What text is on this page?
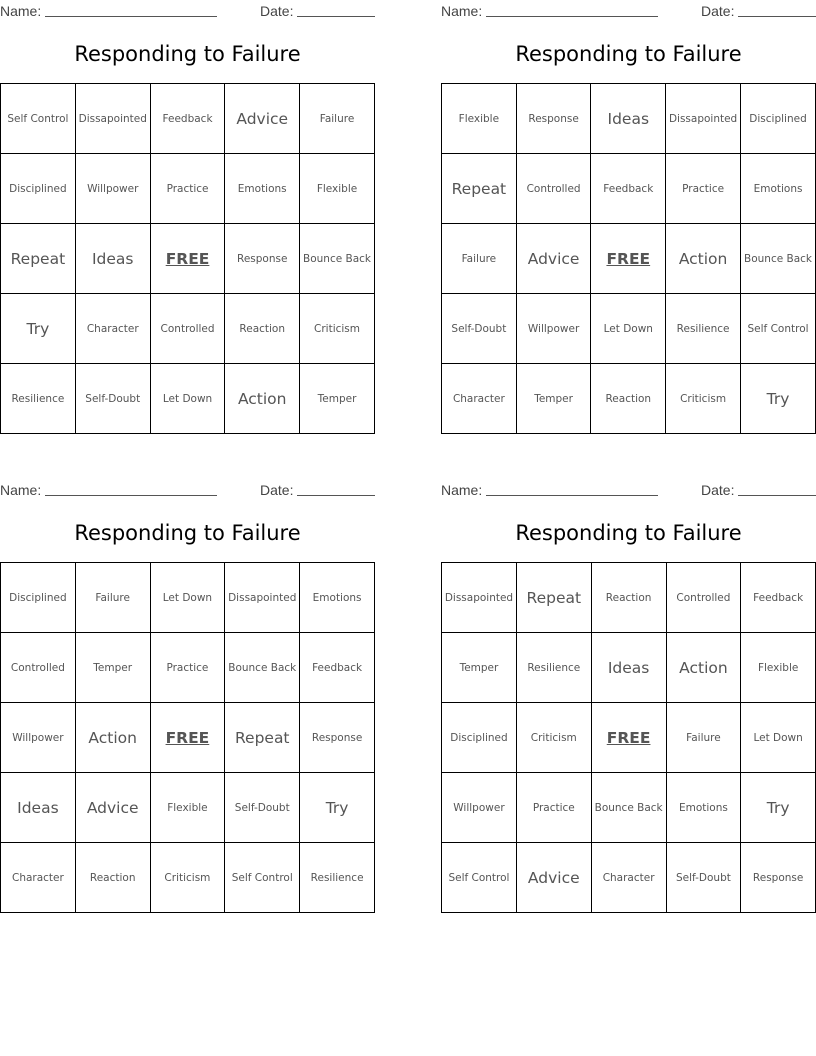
Name:	Date:
Responding to Failure
Self Control	Dissapointed	Feedback	Advice	Failure
Disciplined	Willpower	Practice	Emotions	Flexible
Repeat	Ideas	FREE	Response	Bounce Back
Try	Character	Controlled	Reaction	Criticism
Resilience	Self-Doubt	Let Down	Action	Temper
Name:	Date:
Responding to Failure
Flexible	Response	Ideas	Dissapointed	Disciplined
Repeat	Controlled	Feedback	Practice	Emotions
Failure	Advice	FREE	Action	Bounce Back
Self-Doubt	Willpower	Let Down	Resilience	Self Control
Character	Temper	Reaction	Criticism	Try
Name:	Date:
Responding to Failure
Disciplined	Failure	Let Down	Dissapointed	Emotions
Controlled	Temper	Practice	Bounce Back	Feedback
Willpower	Action	FREE	Repeat	Response
Ideas	Advice	Flexible	Self-Doubt	Try
Character	Reaction	Criticism	Self Control	Resilience
Name:	Date:
Responding to Failure
Dissapointed	Repeat	Reaction	Controlled	Feedback
Temper	Resilience	Ideas	Action	Flexible
Disciplined	Criticism	FREE	Failure	Let Down
Willpower	Practice	Bounce Back	Emotions	Try
Self Control	Advice	Character	Self-Doubt	Response
